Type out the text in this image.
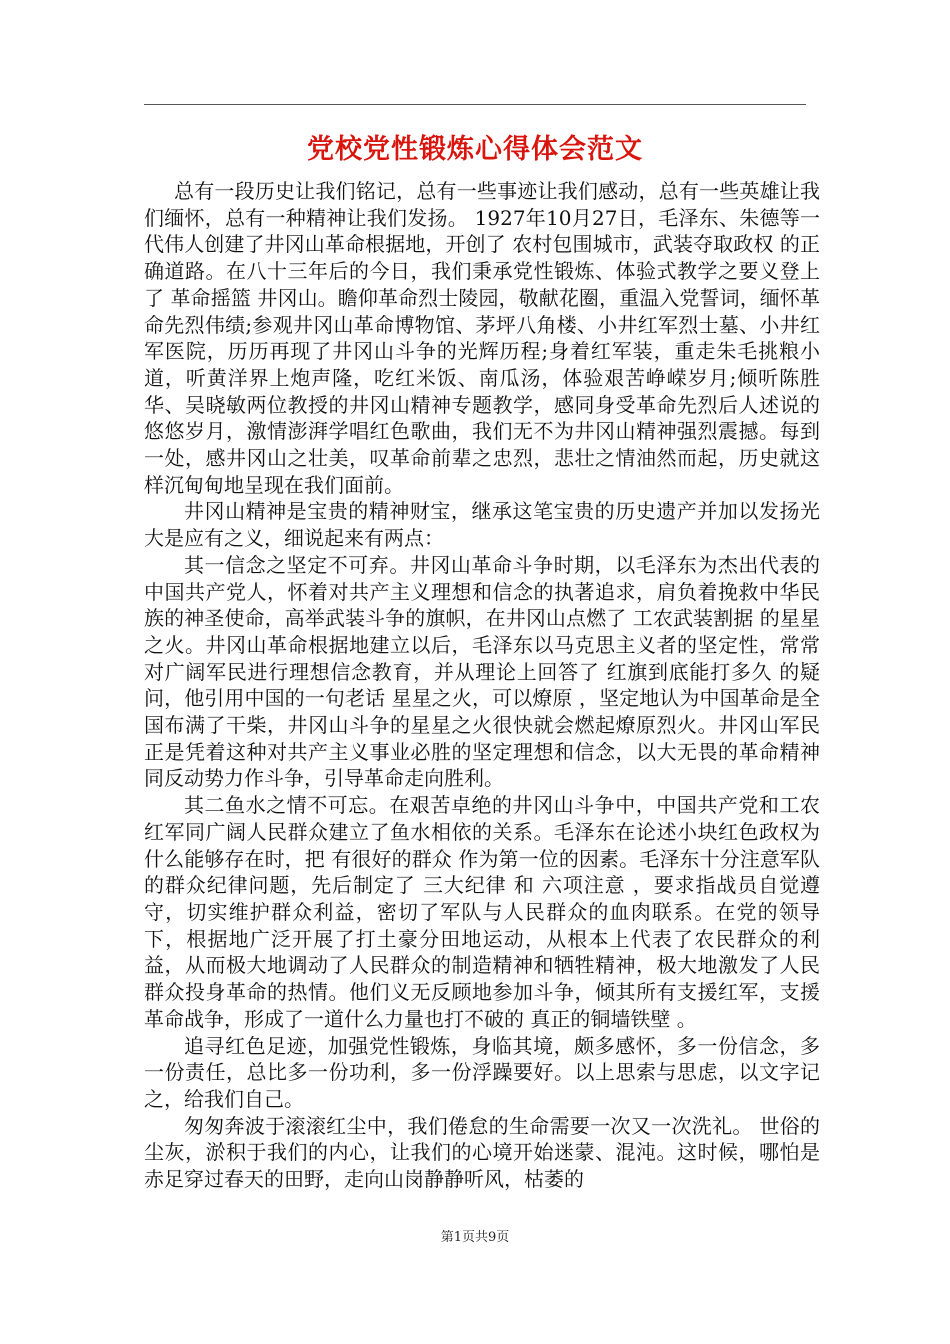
党校党性锻炼心得体会范文

总有一段历史让我们铭记，总有一些事迹让我们感动，总有一些英雄让我们缅怀，总有一种精神让我们发扬。 1927年10月27日，毛泽东、朱德等一代伟人创建了井冈山革命根据地，开创了 农村包围城市，武装夺取政权 的正确道路。在八十三年后的今日，我们秉承党性锻炼、体验式教学之要义登上了 革命摇篮 井冈山。瞻仰革命烈士陵园，敬献花圈，重温入党誓词，缅怀革命先烈伟绩;参观井冈山革命博物馆、茅坪八角楼、小井红军烈士墓、小井红军医院，历历再现了井冈山斗争的光辉历程;身着红军装，重走朱毛挑粮小道，听黄洋界上炮声隆，吃红米饭、南瓜汤，体验艰苦峥嵘岁月;倾听陈胜华、吴晓敏两位教授的井冈山精神专题教学，感同身受革命先烈后人述说的悠悠岁月，激情澎湃学唱红色歌曲，我们无不为井冈山精神强烈震撼。每到一处，感井冈山之壮美，叹革命前辈之忠烈，悲壮之情油然而起，历史就这样沉甸甸地呈现在我们面前。

井冈山精神是宝贵的精神财宝，继承这笔宝贵的历史遗产并加以发扬光大是应有之义，细说起来有两点：

其一信念之坚定不可弃。井冈山革命斗争时期，以毛泽东为杰出代表的中国共产党人，怀着对共产主义理想和信念的执著追求，肩负着挽救中华民族的神圣使命，高举武装斗争的旗帜，在井冈山点燃了 工农武装割据 的星星之火。井冈山革命根据地建立以后，毛泽东以马克思主义者的坚定性，常常对广阔军民进行理想信念教育，并从理论上回答了 红旗到底能打多久 的疑问，他引用中国的一句老话 星星之火，可以燎原 ，坚定地认为中国革命是全国布满了干柴，井冈山斗争的星星之火很快就会燃起燎原烈火。井冈山军民正是凭着这种对共产主义事业必胜的坚定理想和信念，以大无畏的革命精神同反动势力作斗争，引导革命走向胜利。

其二鱼水之情不可忘。在艰苦卓绝的井冈山斗争中，中国共产党和工农红军同广阔人民群众建立了鱼水相依的关系。毛泽东在论述小块红色政权为什么能够存在时，把 有很好的群众 作为第一位的因素。毛泽东十分注意军队的群众纪律问题，先后制定了 三大纪律 和 六项注意 ，要求指战员自觉遵守，切实维护群众利益，密切了军队与人民群众的血肉联系。在党的领导下，根据地广泛开展了打土豪分田地运动，从根本上代表了农民群众的利益，从而极大地调动了人民群众的制造精神和牺牲精神，极大地激发了人民群众投身革命的热情。他们义无反顾地参加斗争，倾其所有支援红军，支援革命战争，形成了一道什么力量也打不破的 真正的铜墙铁壁 。

追寻红色足迹，加强党性锻炼，身临其境，颇多感怀，多一份信念，多一份责任，总比多一份功利，多一份浮躁要好。以上思索与思虑，以文字记之，给我们自己。

匆匆奔波于滚滚红尘中，我们倦怠的生命需要一次又一次洗礼。 世俗的尘灰，淤积于我们的内心，让我们的心境开始迷蒙、混沌。这时候，哪怕是赤足穿过春天的田野，走向山岗静静听风，枯萎的

第1页共9页
